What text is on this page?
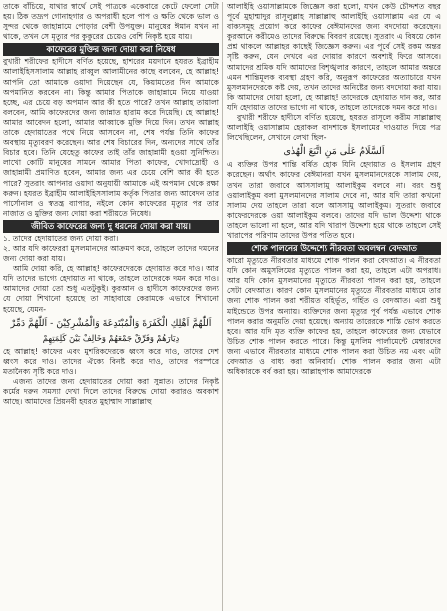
তাকে বাঁচিয়ে, যাথার স্বার্থে সেই পাত্রকে একেবারে কেটে ফেলো সেটা হয়। ঠিক তদ্রূপ গোনাহগার ও অপরাধী হলে পাপ ও ক্ষতি থেকে ভাল ও সুন্দর থেকে জাহান্নামে পোড়ার বেশী উপযুক্ত। মানুষের ঈমান যখন না থাকে, তখন সে মৃত্যুর পর কুকুরের চেয়েও বেশি নিকৃষ্ট হয়ে যায়।

কাফেরের মুক্তির জন্য দোয়া করা নিষেধ

বুখারী শরীফের হাদীসে বর্ণিত হয়েছে, হাশরের ময়দানে হযরত ইব্রাহীম আলাইহিসসালাম আল্লাহ রাব্বুল আলামীনের কাছে বলবেন, হে আল্লাহ! আপনি তো আমাকে ওয়াদা দিয়েছেন যে, কিয়ামতের দিন আমাকে অপমানিত করবেন না। কিন্তু আমার পিতাকে জাহান্নামে নিয়ে যাওয়া হচ্ছে, এর চেয়ে বড় অপমান আর কী হতে পারে? তখন আল্লাহ তায়ালা বলবেন, আমি কাফেরদের জন্য জান্নাত হারাম করে দিয়েছি। হে আল্লাহ! আমার আবেদন হলো, আমার আব্বাকে মুক্তি দিয়ে দিন। তখন আল্লাহ তাকে হেদায়াতের পথে নিয়ে আসবেন না, শেষ পর্যন্ত তিনি কাফের অবস্থায় মৃত্যুবরণ করেছেন। আর শেষ বিচারের দিন, অন্যদের সাথে তাঁর বিচার হবে। তিনি যেহেতু কাফের তাই তাঁর জাহান্নামী হওয়া সুনিশ্চিত। লাখো কোটি মানুষের সামনে আমার পিতা কাফের, খোদাদ্রোহী ও জাহান্নামী প্রমাণিত হবেন, আমার জন্য এর চেয়ে বেশি আর কী হতে পারে? সুতরাং আপনার ওয়াদা অনুযায়ী আমাকে এই অপমান থেকে রক্ষা করুন। হযরত ইব্রাহীম আলাইহিসসালাম কর্তৃক পিতার জন্য আবেদন তার পার্সোনাল ও স্বতন্ত্র ব্যাপার, নইলে কোন কাফেরের মৃত্যুর পর তার নাজাত ও মুক্তির জন্য দোয়া করা শরীয়তে নিষেধ।

জীবিত কাফেরের জন্য দু ধরনের দোয়া করা যায়।

১. তাদের হেদায়াতের জন্য দোয়া করা।

২. আর যদি কাফেররা মুসলমানদের আক্রমণ করে, তাহলে তাদের দমনের জন্য দোয়া করা যায়।

আমি দোয়া করি, হে আল্লাহ! কাফেরদেরকে হেদায়াত করে দাও। আর যদি তাদের ভাগ্যে হেদায়াত না থাকে, তাহলে তাদেরকে দমন করে দাও। আমাদের দোয়া তো শুধু এতটুকুই। কুরআন ও হাদীসে কাফেরদের জন্য যে দোয়া শিখানো হয়েছে তা সাহাবায়ে কেরামকে এভাবে শিখানো হয়েছে, যেমন-

اَللّٰهُمَّ اَهْلِكِ الْكَفَرَةَ وَالْمُبْتَدِعَةَ وَالْمُشْرِكِيْنَ - اَللّٰهُمَّ دَمِّرْ
دِيَارَهُمْ وَفَرِّقْ جَمْعَهُمْ وَخَالِفْ بَيْنَ كَلِمَتِهِمْ

হে আল্লাহ! কাফের এবং মুশরিকদেরকে ধ্বংস করে দাও, তাদের দেশ ধ্বংস করে দাও। তাদের ঐক্যে বিনষ্ট করে দাও, তাদের পরস্পরে মতানৈক্য সৃষ্টি করে দাও।

এজন্য তাদের জন্য হেদায়াতের দোয়া করা সুন্নাত। তাদের নিকৃষ্ট কর্মের দরুন সমস্যা দেখা দিলে তাদের বিরুদ্ধে দোয়া করারও অবকাশ আছে। আমাদের প্রিয়নবী হযরত মুহাম্মাদ সাল্লাল্লাহু

আলাইহি ওয়াসাল্লামকে জিজ্ঞেস করা হলো, যখন কেউ চৌদ্দশত বছর পূর্বে মুহাম্মাদুর রাসূলুল্লাহ সাল্লাল্লাহু আলাইহি ওয়াসাল্লাম এর যে এ বাক্যসমূহ প্রয়োগ করে কাফের বেঈমানদের জন্য বদদোয়া করেছেন। কুরআনে করীমেও তাদের বিরুদ্ধে বিবরণ রয়েছে। সুতরাং এ বিষয়ে কোন প্রশ্ন থাকলে আল্লাহর কাছেই জিজ্ঞেস করুন। এর পূর্বে সেই রকম অন্তর সৃষ্টি করুন, যেন দেখবে এর দোয়ার কারণে অবশ্যই ফিরে আসবে। আমাদের শ্রমিক যদি আমাদের বিশৃঙ্খলার কারণে, তাহলে আমার অন্তরে এমন শান্তিমূলক ব্যবস্থা গ্রহণ করি, অনুরূপ কাফেরের অত্যাচারে যখন মুসলমানদেরকে কষ্ট দেয়, তখন তাদের অনিষ্টের জন্য বদদোয়া করা যায়। কি আমাদের দোয়া হলো, হে আল্লাহ! তাদেরকে হেদায়াত দান কর, আর যদি হেদায়াত তাদের ভাগ্যে না থাকে, তাহলে তাদেরকে দমন করে দাও।

বুখারী শরীফে হাদীসে বর্ণিত হয়েছে, হযরত রাসূলে করীম সাল্লাল্লাহু আলাইহি ওয়াসাল্লাম হেরাকল বাদশাকে ইসলামের দাওয়াত দিয়ে পত্র লিখেছিলেন, সেখানে লেখা ছিল-

اَلسَّلَامُ عَلٰى مَنِ اتَّبَعَ الْهُدٰى

এ ব্যক্তির উপর শান্তি বর্ষিত হোক যিনি হেদায়াত ও ইসলাম গ্রহণ করেছেন। অর্থাৎ কাফের বেঈমানরা যখন মুসলমানদেরকে সালাম দেয়, তখন তারা জবাবে আসসালামু আলাইকুম বলবে না। বরং শুধু ওয়ালাইকুম বলা মুসলমানদের সালাম দেবে না, আর যদি তারা কখনো সালাম দেয় তাহলে তারা বলে আসসামু আলাইকুম। সুতরাং জবাবে কাফেরদেরকে ওয়া আলাইকুম বলবে। তাদের যদি ভাল উদ্দেশ্য থাকে তাহলে ভালো না হলে, আর যদি খারাপ উদ্দেশ্য হয়ে থাকে তাহলে সেই খারাপের পরিণাম তাদের উপর পতিত হবে।

শোক পালনের উদ্দেশ্যে নীরবতা অবলম্বন বেদআত

কারো মৃত্যুতে নীরবতার মাধ্যমে শোক পালন করা বেদআত। এ নীরবতা যদি কোন অমুসলিমের মৃত্যুতে পালন করা হয়, তাহলে এটা অপরাধ। আর যদি কোন মুসলমানের মৃত্যুতে নীরবতা পালন করা হয়, তাহলে সেটা বেদআত। কারণ কোন মুসলমানের মৃত্যুতে নীরবতার মাধ্যমে তার জন্য শোক পালন করা শরীয়ত বহির্ভূত, গর্হিত ও বেদআত। এরা শুধু মাইন্ডেতে উপর অন্যায়। ব্যক্তিদের জন্য মৃত্যুর পূর্ব পর্যন্ত এভাবে শোক পালন করার অনুমতি দেয়া হয়েছে। অন্যায় তারেরকে শাস্তি ভোগ করতে হবে। আর যদি মৃত ব্যক্তি কাফের হয়, তাহলে কাফেরের জন্য যেভাবে উচিত শোক পালন করতে পারে। কিন্তু মুসলিম পার্লামেন্টে মেম্বারদের জন্য এভাবে নীরবতার মাধ্যমে শোক পালন করা উচিত নয় এবং এটা বেদআত ও বাধ্য করা অনিবার্য। শোক পালন করার জন্য এটা অধিকারকে বর্ব করা হয়। আল্লাহপাক আমাদেরকে
